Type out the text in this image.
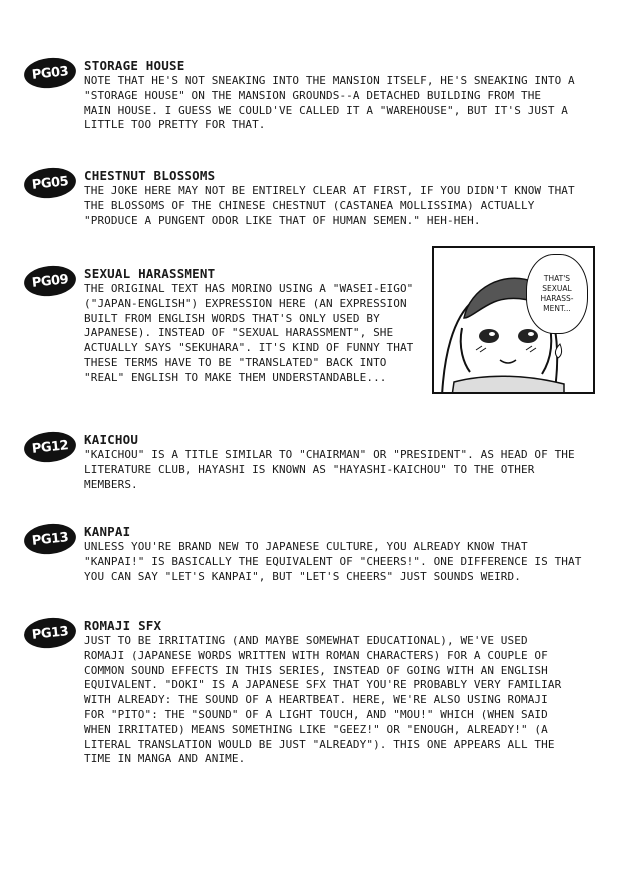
PG03	STORAGE HOUSE
NOTE THAT HE'S NOT SNEAKING INTO THE MANSION ITSELF, HE'S SNEAKING INTO A
"STORAGE HOUSE" ON THE MANSION GROUNDS--A DETACHED BUILDING FROM THE
MAIN HOUSE. I GUESS WE COULD'VE CALLED IT A "WAREHOUSE", BUT IT'S JUST A
LITTLE TOO PRETTY FOR THAT.
PG05	CHESTNUT BLOSSOMS
THE JOKE HERE MAY NOT BE ENTIRELY CLEAR AT FIRST, IF YOU DIDN'T KNOW THAT
THE BLOSSOMS OF THE CHINESE CHESTNUT (CASTANEA MOLLISSIMA) ACTUALLY
"PRODUCE A PUNGENT ODOR LIKE THAT OF HUMAN SEMEN." HEH-HEH.
PG09	SEXUAL HARASSMENT
THE ORIGINAL TEXT HAS MORINO USING A "WASEI-EIGO"
("JAPAN-ENGLISH") EXPRESSION HERE (AN EXPRESSION
BUILT FROM ENGLISH WORDS THAT'S ONLY USED BY
JAPANESE). INSTEAD OF "SEXUAL HARASSMENT", SHE
ACTUALLY SAYS "SEKUHARA". IT'S KIND OF FUNNY THAT
THESE TERMS HAVE TO BE "TRANSLATED" BACK INTO
"REAL" ENGLISH TO MAKE THEM UNDERSTANDABLE...
THAT'S
SEXUAL
HARASS-
MENT...
PG12	KAICHOU
"KAICHOU" IS A TITLE SIMILAR TO "CHAIRMAN" OR "PRESIDENT". AS HEAD OF THE
LITERATURE CLUB, HAYASHI IS KNOWN AS "HAYASHI-KAICHOU" TO THE OTHER
MEMBERS.
PG13	KANPAI
UNLESS YOU'RE BRAND NEW TO JAPANESE CULTURE, YOU ALREADY KNOW THAT
"KANPAI!" IS BASICALLY THE EQUIVALENT OF "CHEERS!". ONE DIFFERENCE IS THAT
YOU CAN SAY "LET'S KANPAI", BUT "LET'S CHEERS" JUST SOUNDS WEIRD.
PG13	ROMAJI SFX
JUST TO BE IRRITATING (AND MAYBE SOMEWHAT EDUCATIONAL), WE'VE USED
ROMAJI (JAPANESE WORDS WRITTEN WITH ROMAN CHARACTERS) FOR A COUPLE OF
COMMON SOUND EFFECTS IN THIS SERIES, INSTEAD OF GOING WITH AN ENGLISH
EQUIVALENT. "DOKI" IS A JAPANESE SFX THAT YOU'RE PROBABLY VERY FAMILIAR
WITH ALREADY: THE SOUND OF A HEARTBEAT. HERE, WE'RE ALSO USING ROMAJI
FOR "PITO": THE "SOUND" OF A LIGHT TOUCH, AND "MOU!" WHICH (WHEN SAID
WHEN IRRITATED) MEANS SOMETHING LIKE "GEEZ!" OR "ENOUGH, ALREADY!" (A
LITERAL TRANSLATION WOULD BE JUST "ALREADY"). THIS ONE APPEARS ALL THE
TIME IN MANGA AND ANIME.
